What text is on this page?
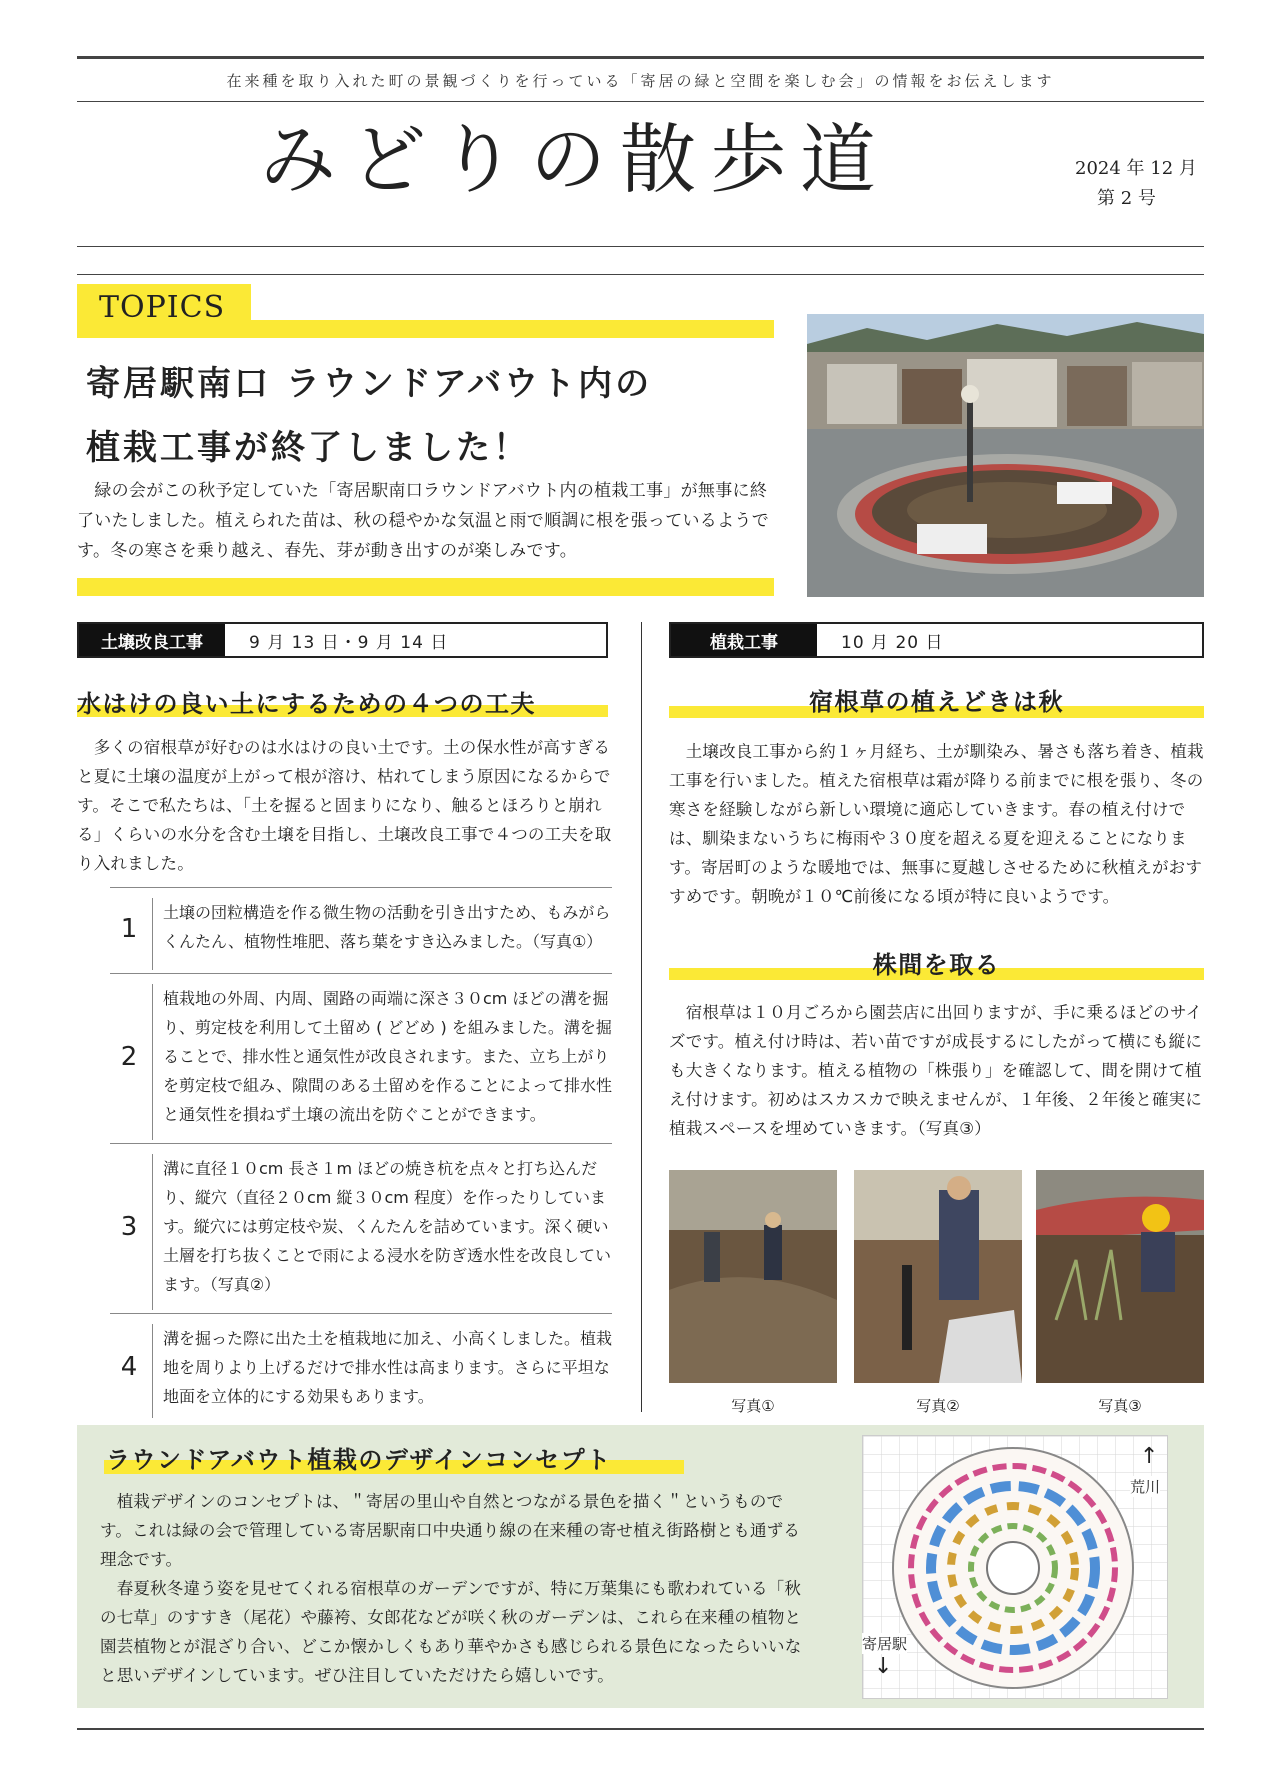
在来種を取り入れた町の景観づくりを行っている「寄居の緑と空間を楽しむ会」の情報をお伝えします
みどりの散歩道	2024 年 12 月
第 2 号
TOPICS
寄居駅南口 ラウンドアバウト内の
植栽工事が終了しました！
　緑の会がこの秋予定していた「寄居駅南口ラウンドアバウト内の植栽工事」が無事に終了いたしました。植えられた苗は、秋の穏やかな気温と雨で順調に根を張っているようです。冬の寒さを乗り越え、春先、芽が動き出すのが楽しみです。
土壌改良工事	9 月 13 日・9 月 14 日
水はけの良い土にするための４つの工夫
　多くの宿根草が好むのは水はけの良い土です。土の保水性が高すぎると夏に土壌の温度が上がって根が溶け、枯れてしまう原因になるからです。そこで私たちは、「土を握ると固まりになり、触るとほろりと崩れる」くらいの水分を含む土壌を目指し、土壌改良工事で４つの工夫を取り入れました。
1
土壌の団粒構造を作る微生物の活動を引き出すため、もみがらくんたん、植物性堆肥、落ち葉をすき込みました。（写真①）
2
植栽地の外周、内周、園路の両端に深さ３０cm ほどの溝を掘り、剪定枝を利用して土留め ( どどめ ) を組みました。溝を掘ることで、排水性と通気性が改良されます。また、立ち上がりを剪定枝で組み、隙間のある土留めを作ることによって排水性と通気性を損ねず土壌の流出を防ぐことができます。
3
溝に直径１０cm 長さ１m ほどの焼き杭を点々と打ち込んだり、縦穴（直径２０cm 縦３０cm 程度）を作ったりしています。縦穴には剪定枝や炭、くんたんを詰めています。深く硬い土層を打ち抜くことで雨による浸水を防ぎ透水性を改良しています。（写真②）
4
溝を掘った際に出た土を植栽地に加え、小高くしました。植栽地を周りより上げるだけで排水性は高まります。さらに平坦な地面を立体的にする効果もあります。
植栽工事	10 月 20 日
宿根草の植えどきは秋
　土壌改良工事から約１ヶ月経ち、土が馴染み、暑さも落ち着き、植栽工事を行いました。植えた宿根草は霜が降りる前までに根を張り、冬の寒さを経験しながら新しい環境に適応していきます。春の植え付けでは、馴染まないうちに梅雨や３０度を超える夏を迎えることになります。寄居町のような暖地では、無事に夏越しさせるために秋植えがおすすめです。朝晩が１０℃前後になる頃が特に良いようです。
株間を取る
　宿根草は１０月ごろから園芸店に出回りますが、手に乗るほどのサイズです。植え付け時は、若い苗ですが成長するにしたがって横にも縦にも大きくなります。植える植物の「株張り」を確認して、間を開けて植え付けます。初めはスカスカで映えませんが、１年後、２年後と確実に植栽スペースを埋めていきます。（写真③）
写真①	写真②	写真③
ラウンドアバウト植栽のデザインコンセプト
　植栽デザインのコンセプトは、＂寄居の里山や自然とつながる景色を描く＂というものです。これは緑の会で管理している寄居駅南口中央通り線の在来種の寄せ植え街路樹とも通ずる理念です。
　春夏秋冬違う姿を見せてくれる宿根草のガーデンですが、特に万葉集にも歌われている「秋の七草」のすすき（尾花）や藤袴、女郎花などが咲く秋のガーデンは、これら在来種の植物と園芸植物とが混ざり合い、どこか懐かしくもあり華やかさも感じられる景色になったらいいなと思いデザインしています。ぜひ注目していただけたら嬉しいです。
↑
荒川
寄居駅
↓
